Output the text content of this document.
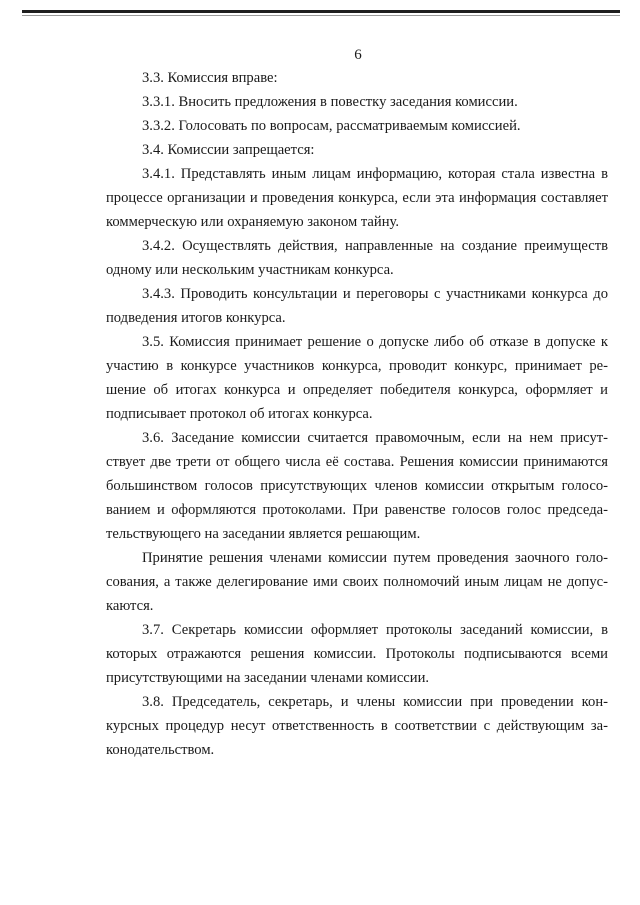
6

3.3. Комиссия вправе:

3.3.1. Вносить предложения в повестку заседания комиссии.

3.3.2. Голосовать по вопросам, рассматриваемым комиссией.

3.4. Комиссии запрещается:

3.4.1. Представлять иным лицам информацию, которая стала известна в процессе организации и проведения конкурса, если эта информация составляет коммерческую или охраняемую законом тайну.

3.4.2. Осуществлять действия, направленные на создание преимуществ одному или нескольким участникам конкурса.

3.4.3. Проводить консультации и переговоры с участниками конкурса до подведения итогов конкурса.

3.5. Комиссия принимает решение о допуске либо об отказе в допуске к участию в конкурсе участников конкурса, проводит конкурс, принимает решение об итогах конкурса и определяет победителя конкурса, оформляет и подписывает протокол об итогах конкурса.

3.6. Заседание комиссии считается правомочным, если на нем присутствует две трети от общего числа её состава. Решения комиссии принимаются большинством голосов присутствующих членов комиссии открытым голосованием и оформляются протоколами. При равенстве голосов голос председательствующего на заседании является решающим.

Принятие решения членами комиссии путем проведения заочного голосования, а также делегирование ими своих полномочий иным лицам не допускаются.

3.7. Секретарь комиссии оформляет протоколы заседаний комиссии, в которых отражаются решения комиссии. Протоколы подписываются всеми присутствующими на заседании членами комиссии.

3.8. Председатель, секретарь, и члены комиссии при проведении конкурсных процедур несут ответственность в соответствии с действующим законодательством.
